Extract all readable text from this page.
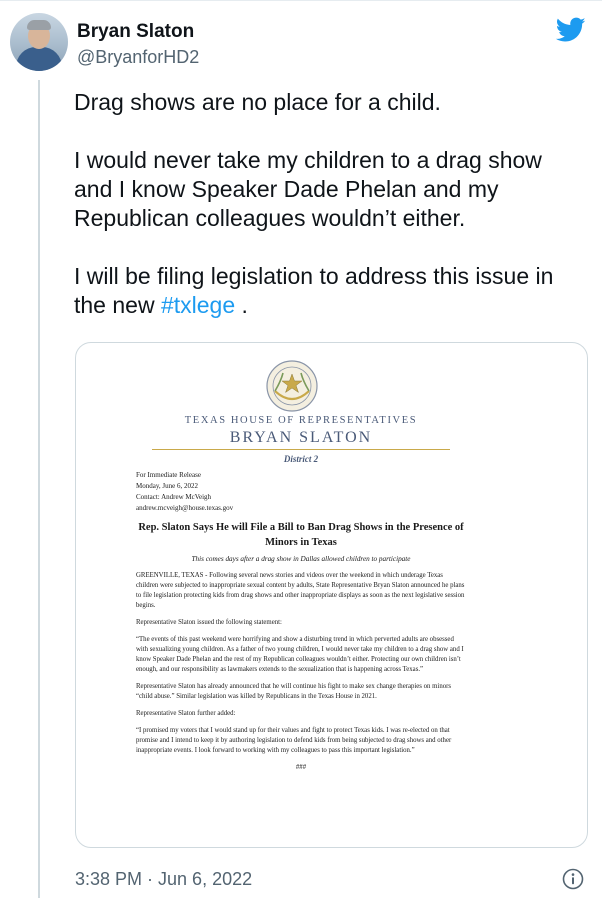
Bryan Slaton
@BryanforHD2

Drag shows are no place for a child.

I would never take my children to a drag show and I know Speaker Dade Phelan and my Republican colleagues wouldn’t either.

I will be filing legislation to address this issue in the new #txlege .

TEXAS HOUSE OF REPRESENTATIVES
BRYAN SLATON
District 2
For Immediate Release
Monday, June 6, 2022
Contact: Andrew McVeigh
andrew.mcveigh@house.texas.gov
Rep. Slaton Says He will File a Bill to Ban Drag Shows in the Presence of Minors in Texas
This comes days after a drag show in Dallas allowed children to participate

GREENVILLE, TEXAS - Following several news stories and videos over the weekend in which underage Texas children were subjected to inappropriate sexual content by adults, State Representative Bryan Slaton announced he plans to file legislation protecting kids from drag shows and other inappropriate displays as soon as the next legislative session begins.

Representative Slaton issued the following statement:

“The events of this past weekend were horrifying and show a disturbing trend in which perverted adults are obsessed with sexualizing young children. As a father of two young children, I would never take my children to a drag show and I know Speaker Dade Phelan and the rest of my Republican colleagues wouldn’t either. Protecting our own children isn’t enough, and our responsibility as lawmakers extends to the sexualization that is happening across Texas.”

Representative Slaton has already announced that he will continue his fight to make sex change therapies on minors “child abuse.” Similar legislation was killed by Republicans in the Texas House in 2021.

Representative Slaton further added:

“I promised my voters that I would stand up for their values and fight to protect Texas kids. I was re-elected on that promise and I intend to keep it by authoring legislation to defend kids from being subjected to drag shows and other inappropriate events. I look forward to working with my colleagues to pass this important legislation.”

###
3:38 PM · Jun 6, 2022
